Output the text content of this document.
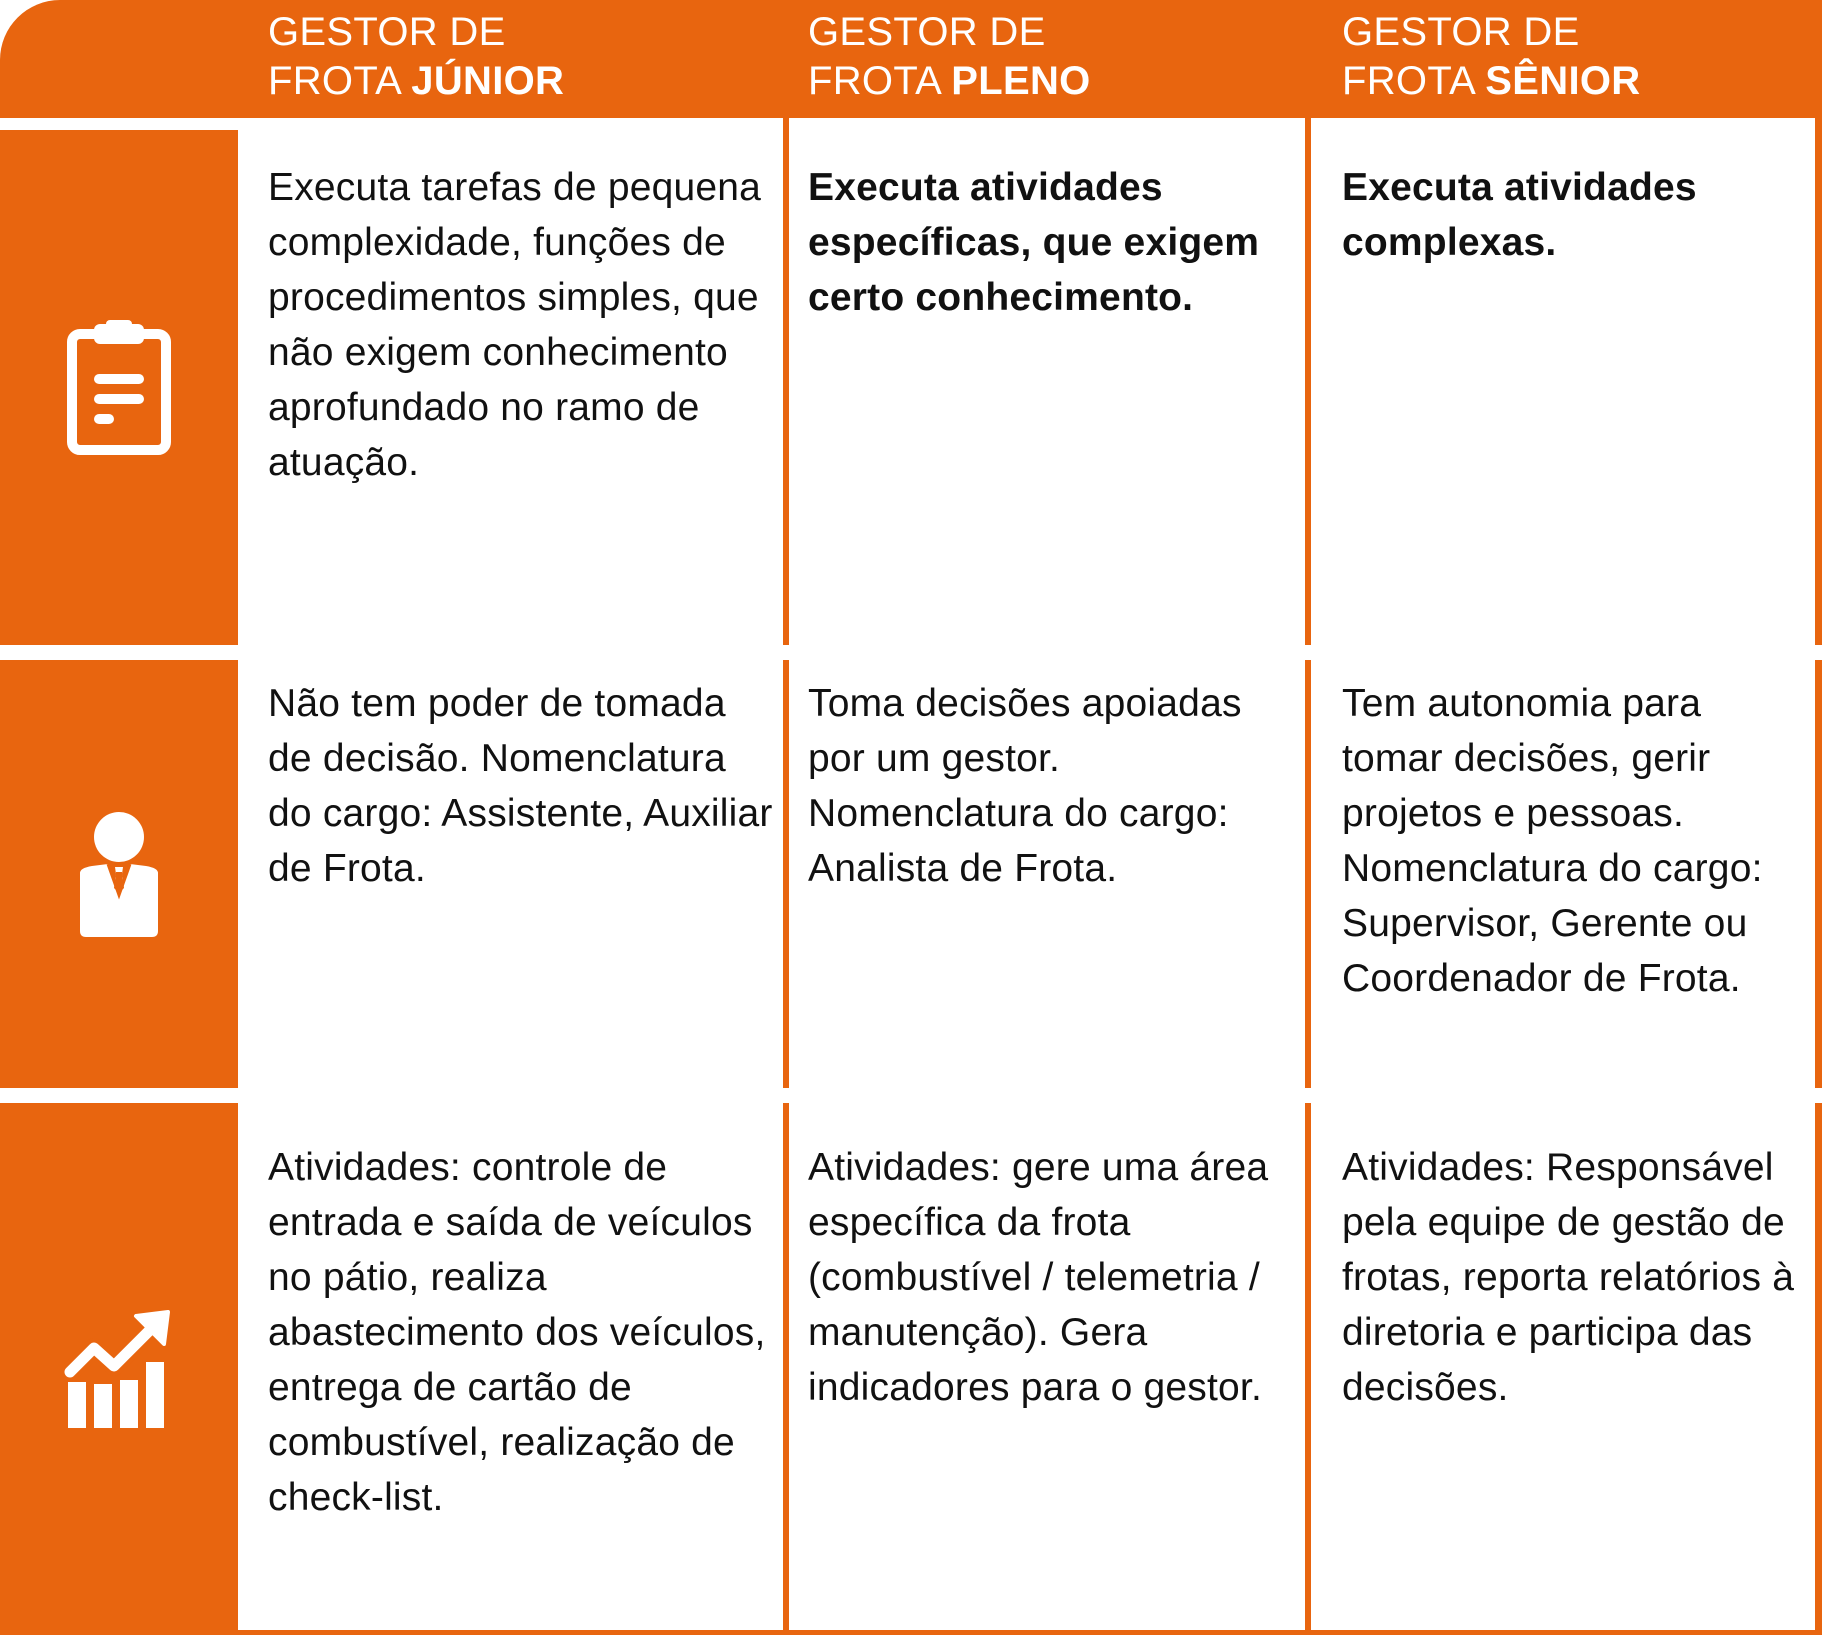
GESTOR DE
FROTA JÚNIOR
GESTOR DE
FROTA PLENO
GESTOR DE
FROTA SÊNIOR
Executa tarefas de pequena complexidade, funções de procedimentos simples, que não exigem conhecimento aprofundado no ramo de atuação.
Executa atividades específicas, que exigem certo conhecimento.
Executa atividades complexas.
Não tem poder de tomada de decisão. Nomenclatura do cargo: Assistente, Auxiliar de Frota.
Toma decisões apoiadas por um gestor. Nomenclatura do cargo: Analista de Frota.
Tem autonomia para tomar decisões, gerir projetos e pessoas. Nomenclatura do cargo: Supervisor, Gerente ou Coordenador de Frota.
Atividades: controle de entrada e saída de veículos no pátio, realiza abastecimento dos veículos, entrega de cartão de combustível, realização de check-list.
Atividades: gere uma área específica da frota (combustível / telemetria / manutenção). Gera indicadores para o gestor.
Atividades: Responsável pela equipe de gestão de frotas, reporta relatórios à diretoria e participa das decisões.
